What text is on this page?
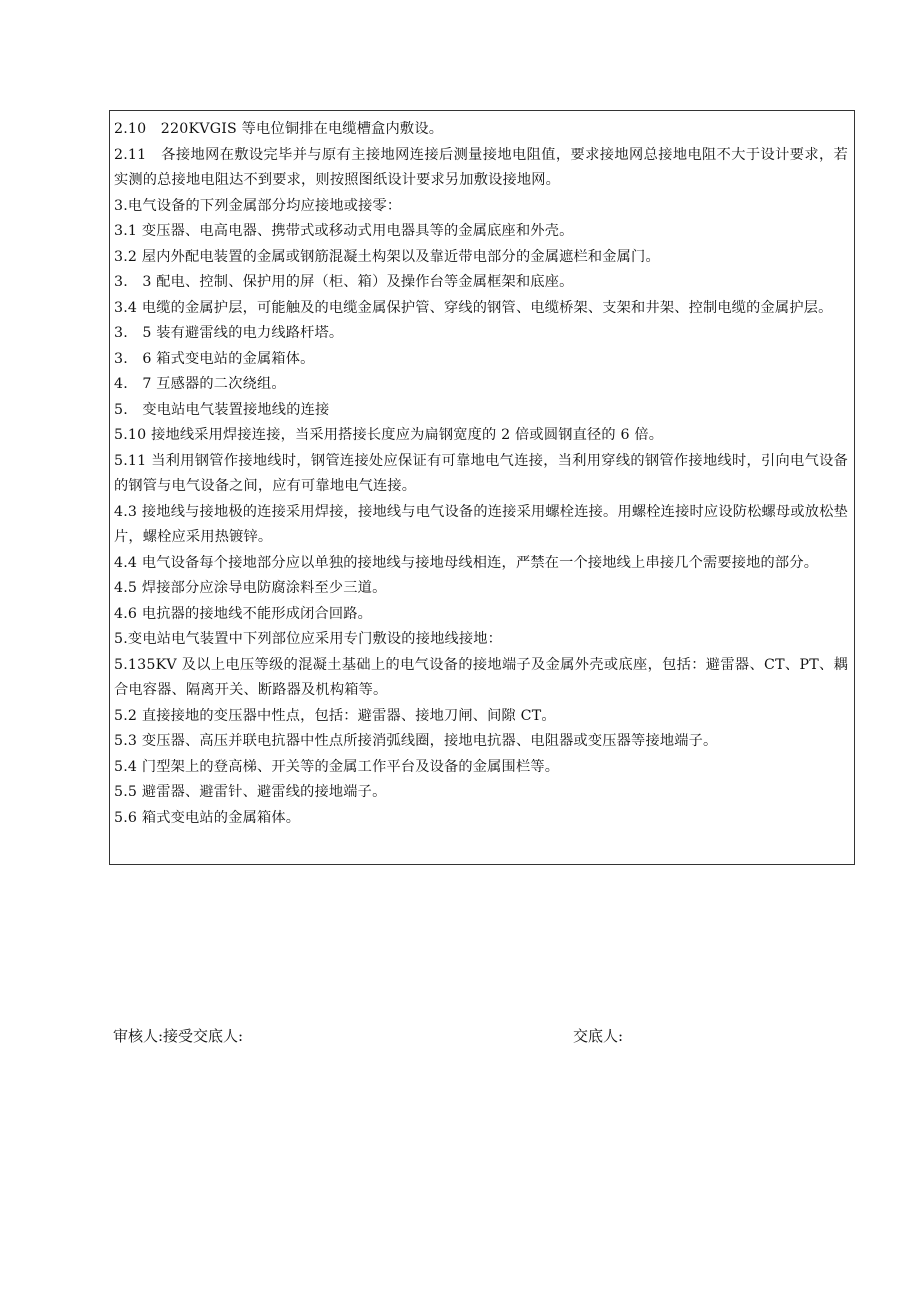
2.10　220KVGIS 等电位铜排在电缆槽盒内敷设。

2.11　各接地网在敷设完毕并与原有主接地网连接后测量接地电阻值，要求接地网总接地电阻不大于设计要求，若实测的总接地电阻达不到要求，则按照图纸设计要求另加敷设接地网。

3.电气设备的下列金属部分均应接地或接零：

3.1 变压器、电高电器、携带式或移动式用电器具等的金属底座和外壳。

3.2 屋内外配电装置的金属或钢筋混凝土构架以及靠近带电部分的金属遮栏和金属门。

3.　3 配电、控制、保护用的屏（柜、箱）及操作台等金属框架和底座。

3.4 电缆的金属护层，可能触及的电缆金属保护管、穿线的钢管、电缆桥架、支架和井架、控制电缆的金属护层。

3.　5 装有避雷线的电力线路杆塔。

3.　6 箱式变电站的金属箱体。

4.　7 互感器的二次绕组。

5.　变电站电气装置接地线的连接

5.10 接地线采用焊接连接，当采用搭接长度应为扁钢宽度的 2 倍或圆钢直径的 6 倍。

5.11 当利用钢管作接地线时，钢管连接处应保证有可靠地电气连接，当利用穿线的钢管作接地线时，引向电气设备的钢管与电气设备之间，应有可靠地电气连接。

4.3 接地线与接地极的连接采用焊接，接地线与电气设备的连接采用螺栓连接。用螺栓连接时应设防松螺母或放松垫片，螺栓应采用热镀锌。

4.4 电气设备每个接地部分应以单独的接地线与接地母线相连，严禁在一个接地线上串接几个需要接地的部分。

4.5 焊接部分应涂导电防腐涂料至少三道。

4.6 电抗器的接地线不能形成闭合回路。

5.变电站电气装置中下列部位应采用专门敷设的接地线接地：

5.135KV 及以上电压等级的混凝土基础上的电气设备的接地端子及金属外壳或底座，包括：避雷器、CT、PT、耦合电容器、隔离开关、断路器及机构箱等。

5.2 直接接地的变压器中性点，包括：避雷器、接地刀闸、间隙 CT。

5.3 变压器、高压并联电抗器中性点所接消弧线圈，接地电抗器、电阻器或变压器等接地端子。

5.4 门型架上的登高梯、开关等的金属工作平台及设备的金属围栏等。

5.5 避雷器、避雷针、避雷线的接地端子。

5.6 箱式变电站的金属箱体。

审核人:接受交底人:	交底人:
